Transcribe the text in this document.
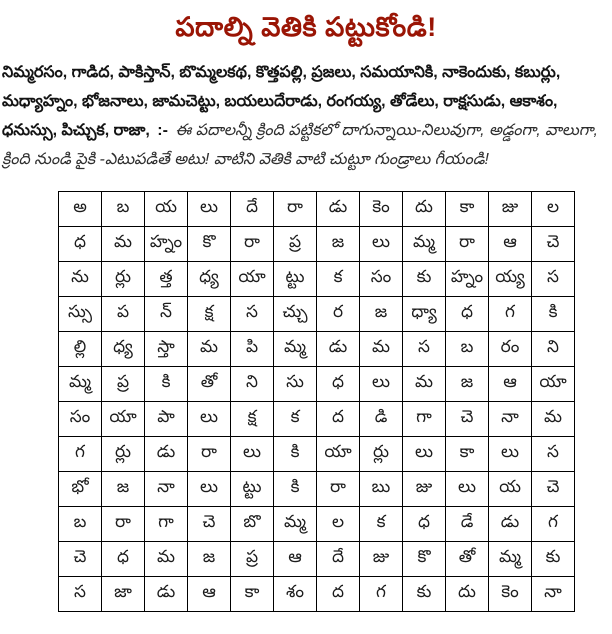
పదాల్ని వెతికి పట్టుకోండి!

నిమ్మరసం, గాడిద, పాకిస్తాన్, బొమ్మలకథ, కొత్తపల్లి, ప్రజలు, సమయానికి, నాకెందుకు, కబుర్లు, మధ్యాహ్నం, భోజనాలు, జామచెట్టు, బయలుదేరాడు, రంగయ్య, తోడేలు, రాక్షసుడు, ఆకాశం, ధనుస్సు, పిచ్చుక, రాజా, :- ఈ పదాలన్నీ క్రింది పట్టికలో దాగున్నాయి-నిలువుగా, అడ్డంగా, వాలుగా, క్రింది నుండి పైకి -ఎటుపడితే అటు! వాటిని వెతికి వాటి చుట్టూ గుండ్రాలు గీయండి!

అ	బ	య	లు	దే	రా	డు	కెం	దు	కా	జు	ల
ధ	మ	హ్నం	కొ	రా	ప్ర	జ	లు	మ్మ	రా	ఆ	చె
ను	ర్లు	త్త	ధ్య	యా	ట్టు	క	సం	కు	హ్నం	య్య	స
స్సు	ప	న్	క్ష	స	చ్చు	ర	జ	ధ్యా	ధ	గ	కి
ల్లి	ధ్య	స్తా	మ	పి	మ్మ	డు	మ	స	బ	రం	ని
మ్మ	ప్ర	కి	తో	ని	సు	ధ	లు	మ	జ	ఆ	యా
సం	యా	పా	లు	క్ష	క	ద	డి	గా	చె	నా	మ
గ	ర్లు	డు	రా	లు	కి	యా	ర్లు	లు	కా	లు	స
భో	జ	నా	లు	ట్టు	కి	రా	బు	జు	లు	య	చె
బ	రా	గా	చె	బొ	మ్మ	ల	క	ధ	డే	డు	గ
చె	ధ	మ	జ	ప్ర	ఆ	దే	జు	కొ	తో	మ్మ	కు
స	జా	డు	ఆ	కా	శం	ద	గ	కు	దు	కెం	నా
